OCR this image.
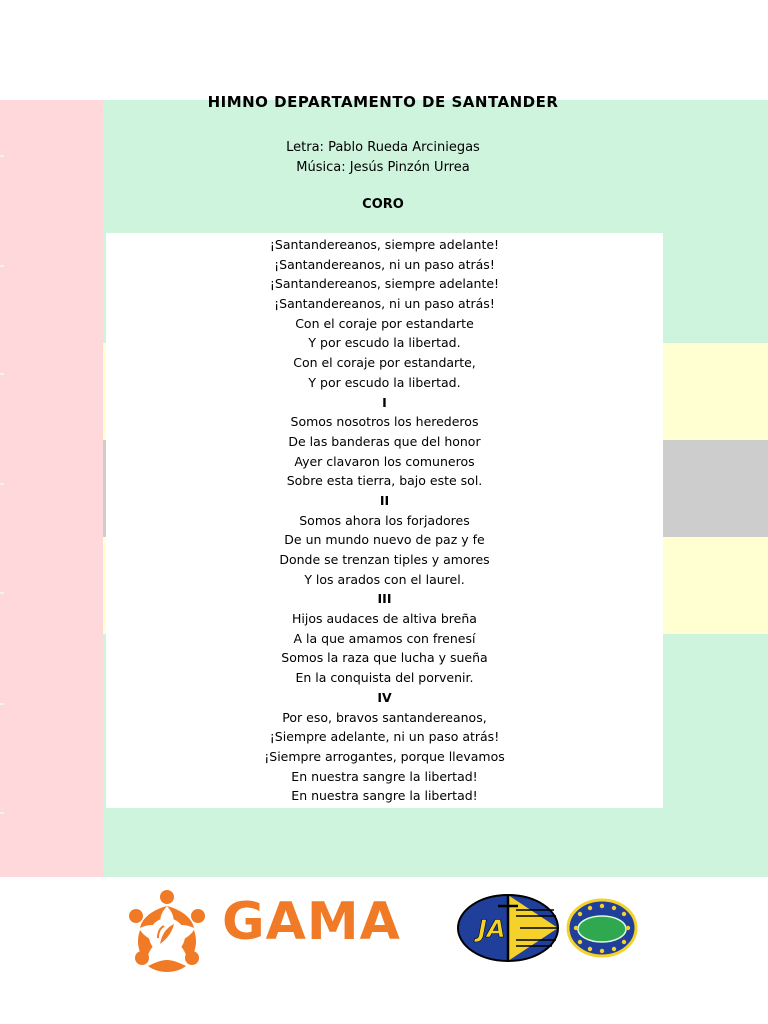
HIMNO DEPARTAMENTO DE SANTANDER
Letra: Pablo Rueda Arciniegas
Música: Jesús Pinzón Urrea
CORO
¡Santandereanos, siempre adelante!
¡Santandereanos, ni un paso atrás!
¡Santandereanos, siempre adelante!
¡Santandereanos, ni un paso atrás!
Con el coraje por estandarte
Y por escudo la libertad.
Con el coraje por estandarte,
Y por escudo la libertad.
I
Somos nosotros los herederos
De las banderas que del honor
Ayer clavaron los comuneros
Sobre esta tierra, bajo este sol.
II
Somos ahora los forjadores
De un mundo nuevo de paz y fe
Donde se trenzan tiples y amores
Y los arados con el laurel.
III
Hijos audaces de altiva breña
A la que amamos con frenesí
Somos la raza que lucha y sueña
En la conquista del porvenir.
IV
Por eso, bravos santandereanos,
¡Siempre adelante, ni un paso atrás!
¡Siempre arrogantes, porque llevamos
En nuestra sangre la libertad!
En nuestra sangre la libertad!
GAMA	JA
